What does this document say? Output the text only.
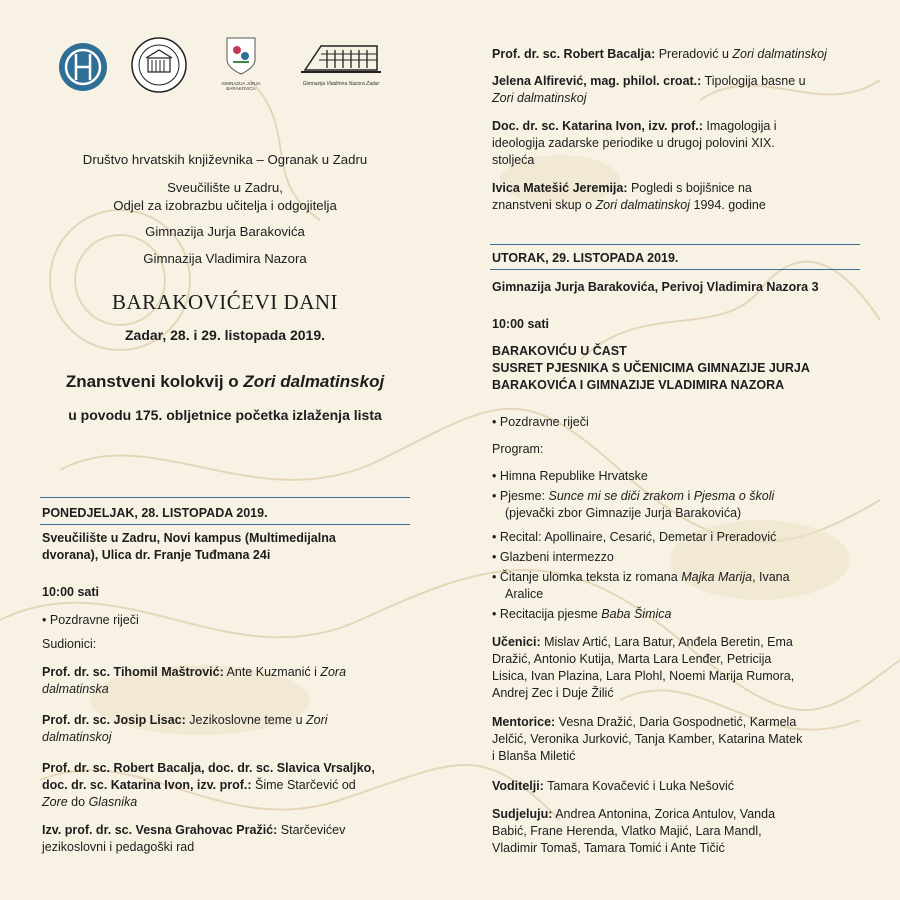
GIMNAZIJA JURJA BARAKOVIĆA
Gimnazija Vladimira Nazora Zadar
Društvo hrvatskih književnika – Ogranak u Zadru
Sveučilište u Zadru,
Odjel za izobrazbu učitelja i odgojitelja
Gimnazija Jurja Barakovića
Gimnazija Vladimira Nazora
BARAKOVIĆEVI DANI
Zadar, 28. i 29. listopada 2019.
Znanstveni kolokvij o Zori dalmatinskoj
u povodu 175. obljetnice početka izlaženja lista
PONEDJELJAK, 28. LISTOPADA 2019.
Sveučilište u Zadru, Novi kampus (Multimedijalna
dvorana), Ulica dr. Franje Tuđmana 24i
10:00 sati
• Pozdravne riječi
Sudionici:
Prof. dr. sc. Tihomil Maštrović: Ante Kuzmanić i Zora
dalmatinska
Prof. dr. sc. Josip Lisac: Jezikoslovne teme u Zori
dalmatinskoj
Prof. dr. sc. Robert Bacalja, doc. dr. sc. Slavica Vrsaljko,
doc. dr. sc. Katarina Ivon, izv. prof.: Šime Starčević od
Zore do Glasnika
Izv. prof. dr. sc. Vesna Grahovac Pražić: Starčevićev
jezikoslovni i pedagoški rad
Prof. dr. sc. Robert Bacalja: Preradović u Zori dalmatinskoj
Jelena Alfirević, mag. philol. croat.: Tipologija basne u
Zori dalmatinskoj
Doc. dr. sc. Katarina Ivon, izv. prof.: Imagologija i
ideologija zadarske periodike u drugoj polovini XIX.
stoljeća
Ivica Matešić Jeremija: Pogledi s bojišnice na
znanstveni skup o Zori dalmatinskoj 1994. godine
UTORAK, 29. LISTOPADA 2019.
Gimnazija Jurja Barakovića, Perivoj Vladimira Nazora 3
10:00 sati
BARAKOVIĆU U ČAST
SUSRET PJESNIKA S UČENICIMA GIMNAZIJE JURJA
BARAKOVIĆA I GIMNAZIJE VLADIMIRA NAZORA
• Pozdravne riječi
Program:
• Himna Republike Hrvatske
• Pjesme: Sunce mi se diči zrakom i Pjesma o školi
(pjevački zbor Gimnazije Jurja Barakovića)
• Recital: Apollinaire, Cesarić, Demetar i Preradović
• Glazbeni intermezzo
• Čitanje ulomka teksta iz romana Majka Marija, Ivana
Aralice
• Recitacija pjesme Baba Šimica
Učenici: Mislav Artić, Lara Batur, Anđela Beretin, Ema
Dražić, Antonio Kutija, Marta Lara Lenđer, Petricija
Lisica, Ivan Plazina, Lara Plohl, Noemi Marija Rumora,
Andrej Zec i Duje Žilić
Mentorice: Vesna Dražić, Daria Gospodnetić, Karmela
Jelčić, Veronika Jurković, Tanja Kamber, Katarina Matek
i Blanša Miletić
Voditelji: Tamara Kovačević i Luka Nešović
Sudjeluju: Andrea Antonina, Zorica Antulov, Vanda
Babić, Frane Herenda, Vlatko Majić, Lara Mandl,
Vladimir Tomaš, Tamara Tomić i Ante Tičić
